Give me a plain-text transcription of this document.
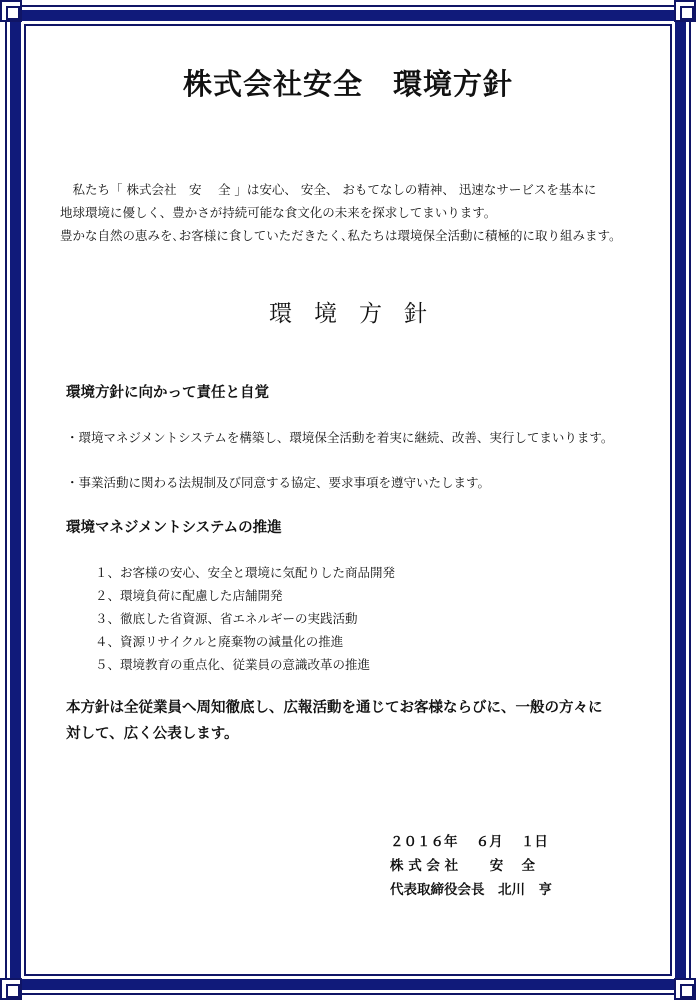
株式会社安全　環境方針

　私たち「 株式会社　安　 全 」は安心、 安全、 おもてなしの精神、 迅速なサービスを基本に

地球環境に優しく、豊かさが持続可能な食文化の未来を探求してまいります。

豊かな自然の恵みを､お客様に食していただきたく､私たちは環境保全活動に積極的に取り組みます。

環境方針
環境方針に向かって責任と自覚
・環境マネジメントシステムを構築し、環境保全活動を着実に継続、改善、実行してまいります。
・事業活動に関わる法規制及び同意する協定、要求事項を遵守いたします。
環境マネジメントシステムの推進
１、お客様の安心、安全と環境に気配りした商品開発
２、環境負荷に配慮した店舗開発
３、徹底した省資源、省エネルギーの実践活動
４、資源リサイクルと廃棄物の減量化の推進
５、環境教育の重点化、従業員の意識改革の推進

本方針は全従業員へ周知徹底し、広報活動を通じてお客様ならびに、一般の方々に

対して、広く公表します。

２０１６年　 ６月　 １日
株 式 会 社　　 安　 全
代表取締役会長　北川　亨
